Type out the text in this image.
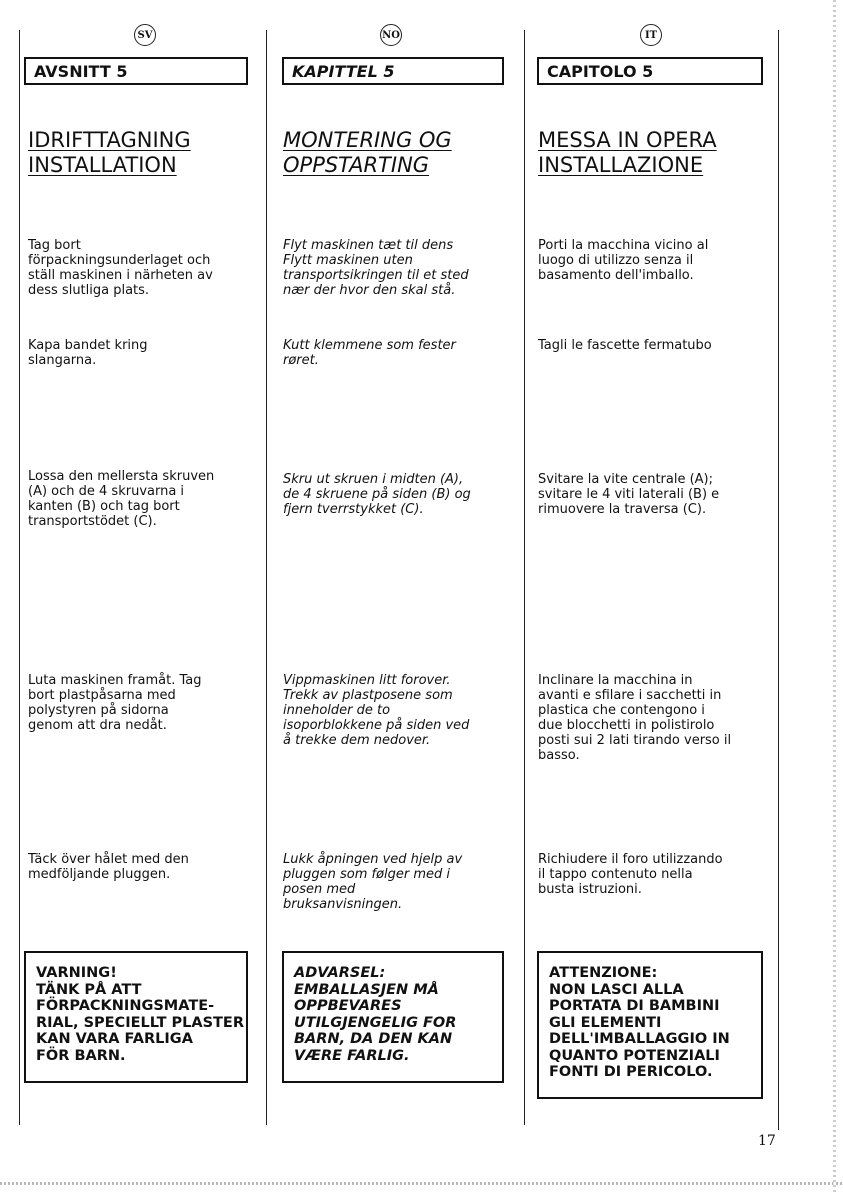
SV
AVSNITT 5
IDRIFTTAGNING
INSTALLATION
Tag bort
förpackningsunderlaget och
ställ maskinen i närheten av
dess slutliga plats.
Kapa bandet kring
slangarna.
Lossa den mellersta skruven
(A) och de 4 skruvarna i
kanten (B) och tag bort
transportstödet (C).
Luta maskinen framåt. Tag
bort plastpåsarna med
polystyren på sidorna
genom att dra nedåt.
Täck över hålet med den
medföljande pluggen.
VARNING!
TÄNK PÅ ATT
FÖRPACKNINGSMATE-
RIAL, SPECIELLT PLASTER
KAN VARA FARLIGA
FÖR BARN.
NO
KAPITTEL 5
MONTERING OG
OPPSTARTING
Flyt maskinen tæt til dens
Flytt maskinen uten
transportsikringen til et sted
nær der hvor den skal stå.
Kutt klemmene som fester
røret.
Skru ut skruen i midten (A),
de 4 skruene på siden (B) og
fjern tverrstykket (C).
Vippmaskinen litt forover.
Trekk av plastposene som
inneholder de to
isoporblokkene på siden ved
å trekke dem nedover.
Lukk åpningen ved hjelp av
pluggen som følger med i
posen med
bruksanvisningen.
ADVARSEL:
EMBALLASJEN MÅ
OPPBEVARES
UTILGJENGELIG FOR
BARN, DA DEN KAN
VÆRE FARLIG.
IT
CAPITOLO 5
MESSA IN OPERA
INSTALLAZIONE
Porti la macchina vicino al
luogo di utilizzo senza il
basamento dell'imballo.
Tagli le fascette fermatubo
Svitare la vite centrale (A);
svitare le 4 viti laterali (B) e
rimuovere la traversa (C).
Inclinare la macchina in
avanti e sfilare i sacchetti in
plastica che contengono i
due blocchetti in polistirolo
posti sui 2 lati tirando verso il
basso.
Richiudere il foro utilizzando
il tappo contenuto nella
busta istruzioni.
ATTENZIONE:
NON LASCI ALLA
PORTATA DI BAMBINI
GLI ELEMENTI
DELL'IMBALLAGGIO IN
QUANTO POTENZIALI
FONTI DI PERICOLO.
17
